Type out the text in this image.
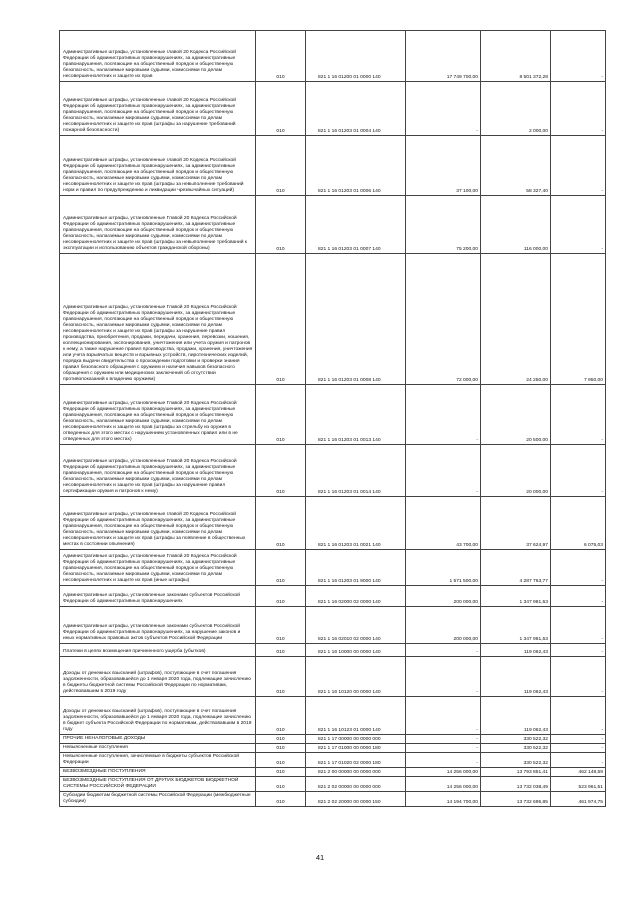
Административные штрафы, установленные главой 20 Кодекса Российской Федерации об административных правонарушениях, за административные правонарушения, посягающие на общественный порядок и общественную безопасность, налагаемые мировыми судьями, комиссиями по делам несовершеннолетних и защите их прав	010	821 1 16 01200 01 0000 140	17 749 700,00	8 501 372,28	-
Административные штрафы, установленные главой 20 Кодекса Российской Федерации об административных правонарушениях, за административные правонарушения, посягающие на общественный порядок и общественную безопасность, налагаемые мировыми судьями, комиссиями по делам несовершеннолетних и защите их прав (штрафы за нарушение требований пожарной безопасности)	010	821 1 16 01203 01 0004 140	-	2 000,00	-
Административные штрафы, установленные главой 20 Кодекса Российской Федерации об административных правонарушениях, за административные правонарушения, посягающие на общественный порядок и общественную безопасность, налагаемые мировыми судьями, комиссиями по делам несовершеннолетних и защите их прав (штрафы за невыполнение требований норм и правил по предупреждению и ликвидации чрезвычайных ситуаций)	010	821 1 16 01203 01 0006 140	37 100,00	58 327,40	-
Административные штрафы, установленные Главой 20 Кодекса Российской Федерации об административных правонарушениях, за административные правонарушения, посягающие на общественный порядок и общественную безопасность, налагаемые мировыми судьями, комиссиями по делам несовершеннолетних и защите их прав (штрафы за невыполнение требований к эксплуатации и использованию объектов гражданской обороны)	010	821 1 16 01203 01 0007 140	75 200,00	116 000,00	-
Административные штрафы, установленные Главой 20 Кодекса Российской Федерации об административных правонарушениях, за административные правонарушения, посягающие на общественный порядок и общественную безопасность, налагаемые мировыми судьями, комиссиями по делам несовершеннолетних и защите их прав (штрафы за нарушение правил производства, приобретения, продажи, передачи, хранения, перевозки, ношения, коллекционирования, экспонирования, уничтожения или учета оружия и патронов к нему, а также нарушение правил производства, продажи, хранения, уничтожения или учета взрывчатых веществ и взрывных устройств, пиротехнических изделий, порядка выдачи свидетельства о прохождении подготовки и проверки знания правил безопасного обращения с оружием и наличия навыков безопасного обращения с оружием или медицинских заключений об отсутствии противопоказаний к владению оружием)	010	821 1 16 01203 01 0008 140	72 000,00	24 250,00	7 950,00
Административные штрафы, установленные Главой 20 Кодекса Российской Федерации об административных правонарушениях, за административные правонарушения, посягающие на общественный порядок и общественную безопасность, налагаемые мировыми судьями, комиссиями по делам несовершеннолетних и защите их прав (штрафы за стрельбу из оружия в отведенных для этого местах с нарушением установленных правил или в не отведенных для этого местах)	010	821 1 16 01203 01 0013 140	-	20 500,00	-
Административные штрафы, установленные Главой 20 Кодекса Российской Федерации об административных правонарушениях, за административные правонарушения, посягающие на общественный порядок и общественную безопасность, налагаемые мировыми судьями, комиссиями по делам несовершеннолетних и защите их прав (штрафы за нарушение правил сертификации оружия и патронов к нему)	010	821 1 16 01203 01 0014 140	-	20 000,00	-
Административные штрафы, установленные главой 20 Кодекса Российской Федерации об административных правонарушениях, за административные правонарушения, посягающие на общественный порядок и общественную безопасность, налагаемые мировыми судьями, комиссиями по делам несовершеннолетних и защите их прав (штрафы за появление в общественных местах в состоянии опьянения)	010	821 1 16 01203 01 0021 140	43 700,00	37 624,97	6 075,03
Административные штрафы, установленные Главой 20 Кодекса Российской Федерации об административных правонарушениях, за административные правонарушения, посягающие на общественный порядок и общественную безопасность, налагаемые мировыми судьями, комиссиями по делам несовершеннолетних и защите их прав (иные штрафы)	010	821 1 16 01203 01 9000 140	1 571 500,00	4 287 763,77	-
Административные штрафы, установленные законами субъектов Российской Федерации об административных правонарушениях	010	821 1 16 02000 02 0000 140	200 000,00	1 347 981,53	-
Административные штрафы, установленные законами субъектов Российской Федерации об административных правонарушениях, за нарушение законов и иных нормативных правовых актов субъектов Российской Федерации	010	821 1 16 02010 02 0000 140	200 000,00	1 347 981,53	-
Платежи в целях возмещения причиненного ущерба (убытков)	010	821 1 16 10000 00 0000 140	-	119 062,43	-
Доходы от денежных взысканий (штрафов), поступающие в счет погашения задолженности, образовавшейся до 1 января 2020 года, подлежащие зачислению в бюджеты бюджетной системы Российской Федерации по нормативам, действовавшим в 2019 году	010	821 1 16 10120 00 0000 140	-	119 062,43	-
Доходы от денежных взысканий (штрафов), поступающие в счет погашения задолженности, образовавшейся до 1 января 2020 года, подлежащие зачислению в бюджет субъекта Российской Федерации по нормативам, действовавшим в 2019 году	010	821 1 16 10123 01 0000 140	-	119 062,43	-
ПРОЧИЕ НЕНАЛОГОВЫЕ ДОХОДЫ	010	821 1 17 00000 00 0000 000	-	330 522,32	-
Невыясненные поступления	010	821 1 17 01000 00 0000 180	-	330 522,32	-
Невыясненные поступления, зачисляемые в бюджеты субъектов Российской Федерации	010	821 1 17 01020 02 0000 180	-	330 522,32	-
БЕЗВОЗМЕЗДНЫЕ ПОСТУПЛЕНИЯ	010	821 2 00 00000 00 0000 000	14 256 000,00	13 793 851,41	462 148,59
БЕЗВОЗМЕЗДНЫЕ ПОСТУПЛЕНИЯ ОТ ДРУГИХ БЮДЖЕТОВ БЮДЖЕТНОЙ СИСТЕМЫ РОССИЙСКОЙ ФЕДЕРАЦИИ	010	821 2 02 00000 00 0000 000	14 256 000,00	13 732 038,49	523 961,51
Субсидии бюджетам бюджетной системы Российской Федерации (межбюджетные субсидии)	010	821 2 02 20000 00 0000 150	14 194 700,00	13 732 695,85	461 974,75
41
